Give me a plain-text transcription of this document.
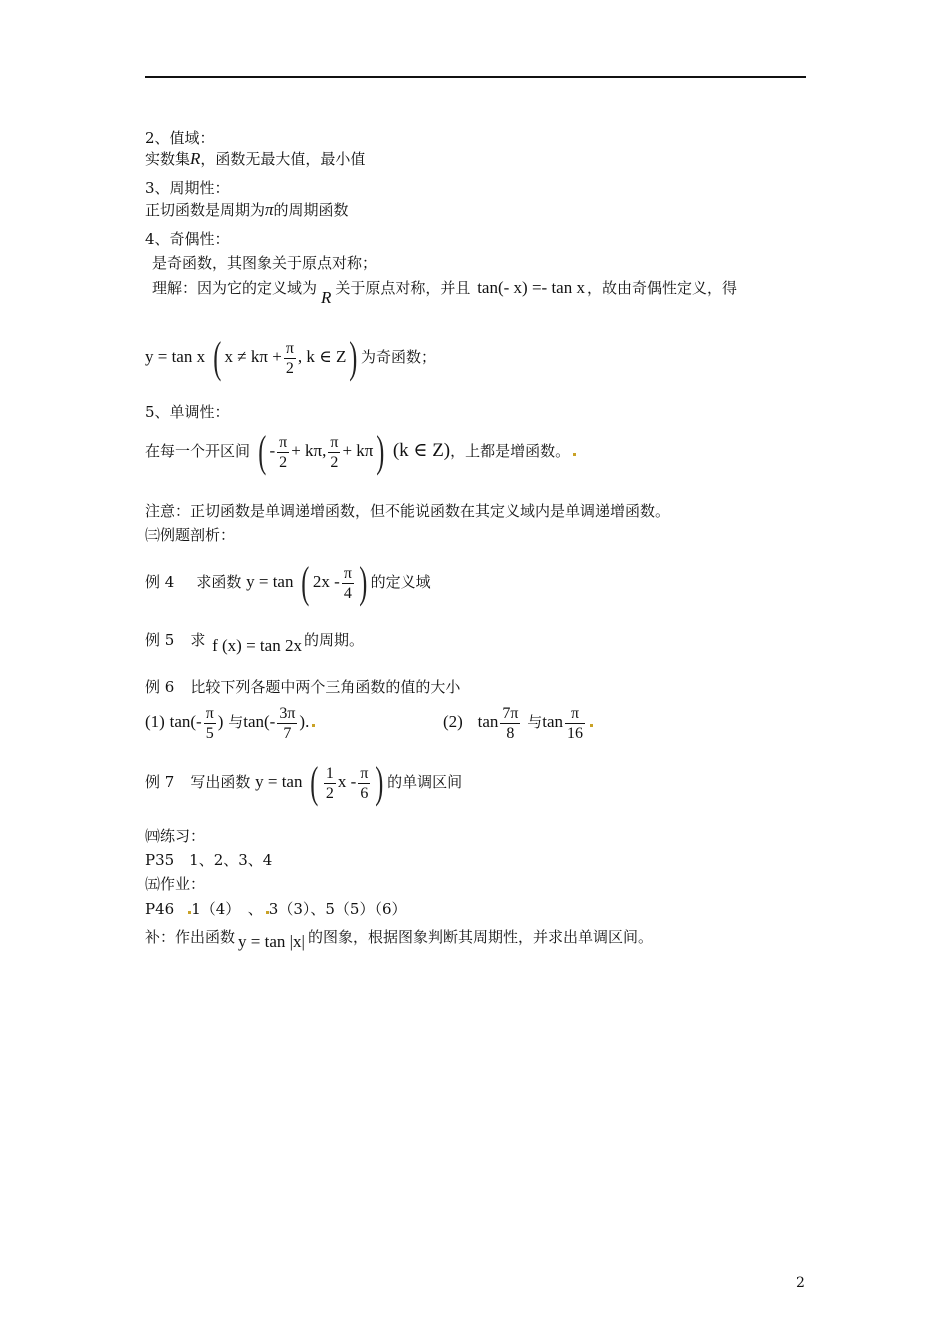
2、值域：
实数集R，函数无最大值，最小值
3、周期性：
正切函数是周期为π的周期函数
4、奇偶性：
是奇函数，其图象关于原点对称；
理解：因为它的定义域为 R 关于原点对称，并且 tan(- x) =- tan x ，故由奇偶性定义，得
y = tan x ( $x \ne k\pi + \frac{\pi}{2}$ , k ∈ Z) 为奇函数；
5、单调性：
在每一个开区间 ( - $\frac{\pi}{2} + k\pi$, $\frac{\pi}{2} + k\pi$) (k ∈ Z)，上都是增函数。
注意：正切函数是单调递增函数，但不能说函数在其定义域内是单调递增函数。
㈢例题剖析：
例 4 求函数 y = tan ( $2x - \frac{\pi}{4}$ ) 的定义域
例 5 求 f (x) = tan 2x 的周期。
例 6 比较下列各题中两个三角函数的值的大小
(1) $\tan(- \frac{\pi}{5}$ ) 与$\tan(- \frac{3\pi}{7}$ ).	(2) $\tan \frac{7\pi}{8}$ 与$\tan \frac{\pi}{16}$
例 7 写出函数 y = tan ( $\frac{1}{2}$ x - $\frac{\pi}{6}$ ) 的单调区间
㈣练习：
P35　1、2、3、4
㈤作业：
P46 1（4）　、 3（3）、5（5）（6）
补：作出函数 y = tan |x| 的图象，根据图象判断其周期性，并求出单调区间。
2
